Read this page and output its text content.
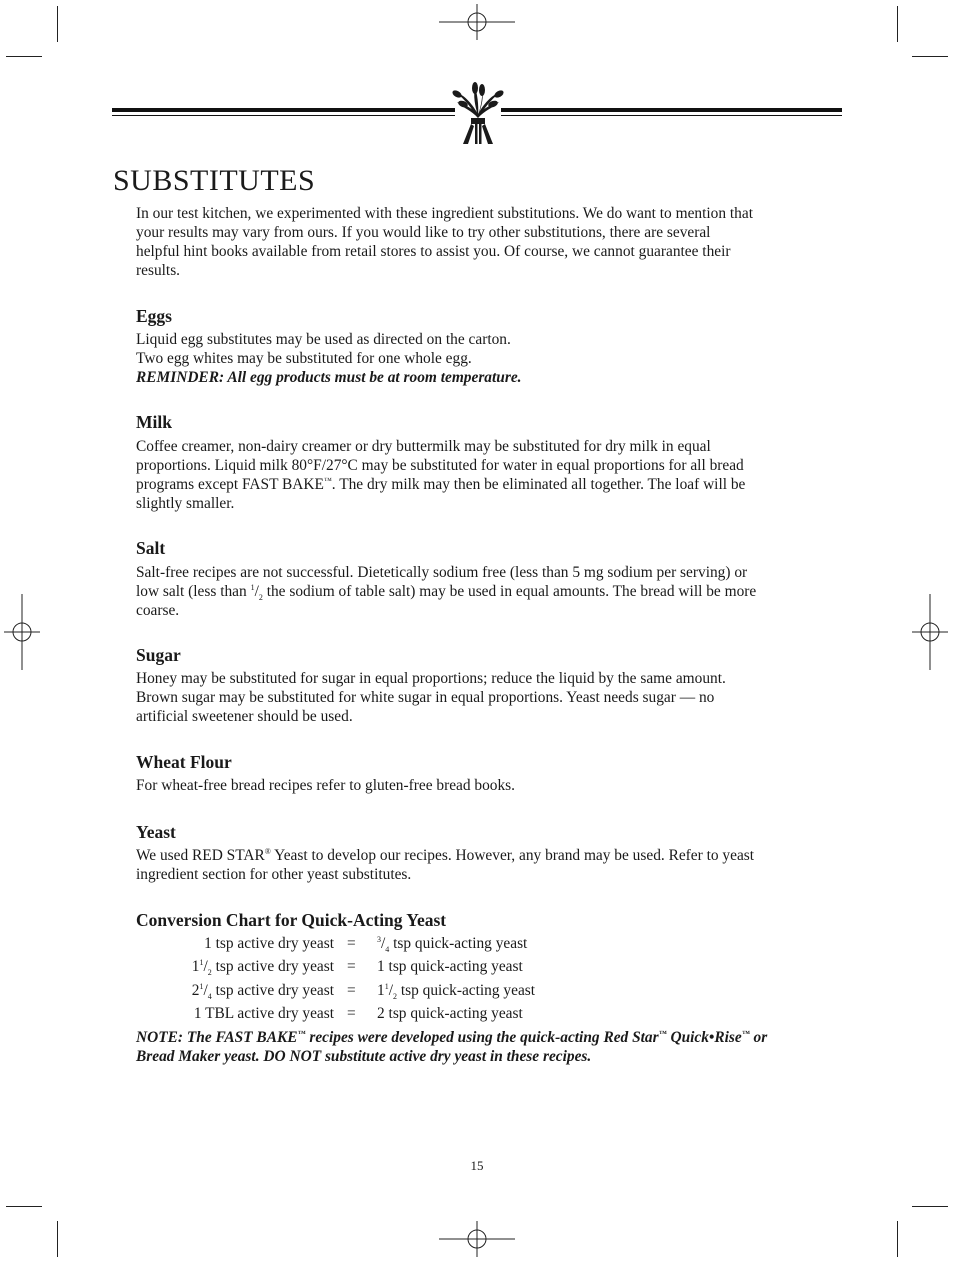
SUBSTITUTES
In our test kitchen, we experimented with these ingredient substitutions. We do want to mention that
your results may vary from ours. If you would like to try other substitutions, there are several
helpful hint books available from retail stores to assist you. Of course, we cannot guarantee their
results.
Eggs
Liquid egg substitutes may be used as directed on the carton.
Two egg whites may be substituted for one whole egg.
REMINDER: All egg products must be at room temperature.
Milk
Coffee creamer, non-dairy creamer or dry buttermilk may be substituted for dry milk in equal
proportions. Liquid milk 80°F/27°C may be substituted for water in equal proportions for all bread
programs except FAST BAKE™. The dry milk may then be eliminated all together. The loaf will be
slightly smaller.
Salt
Salt-free recipes are not successful. Dietetically sodium free (less than 5 mg sodium per serving) or
low salt (less than $^1/_2$ the sodium of table salt) may be used in equal amounts. The bread will be more
coarse.
Sugar
Honey may be substituted for sugar in equal proportions; reduce the liquid by the same amount.
Brown sugar may be substituted for white sugar in equal proportions. Yeast needs sugar — no
artificial sweetener should be used.
Wheat Flour
For wheat-free bread recipes refer to gluten-free bread books.
Yeast
We used RED STAR® Yeast to develop our recipes. However, any brand may be used. Refer to yeast
ingredient section for other yeast substitutes.
Conversion Chart for Quick-Acting Yeast
1 tsp active dry yeast =	$^3/_4$ tsp quick-acting yeast
$1^1/_2$ tsp active dry yeast = 1 tsp quick-acting yeast
$2^1/_4$ tsp active dry yeast = $1^1/_2$ tsp quick-acting yeast
1 TBL active dry yeast = 2 tsp quick-acting yeast
NOTE: The FAST BAKE™ recipes were developed using the quick-acting Red Star™ Quick•Rise™ or
Bread Maker yeast. DO NOT substitute active dry yeast in these recipes.
15
